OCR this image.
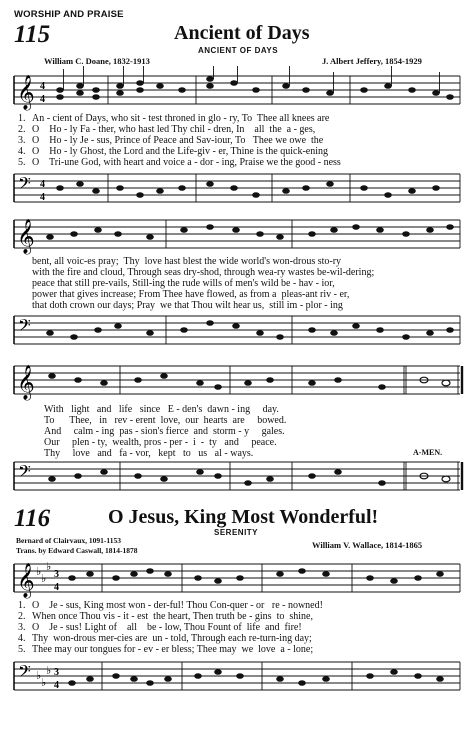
WORSHIP AND PRAISE
115	Ancient of Days
ANCIENT OF DAYS
William C. Doane, 1832-1913	J. Albert Jeffery, 1854-1929
𝄞 4
4
1. An - cient of Days, who sit - test throned in glo - ry, To  Thee all knees are
2. O    Ho - ly Fa - ther, who hast led Thy chil - dren, In    all  the  a - ges,
3. O    Ho - ly Je - sus, Prince of Peace and Sav-iour, To   Thee we owe  the
4. O    Ho - ly Ghost, the Lord and the Life-giv - er, Thine is the quick-ening
5. O    Tri-une God, with heart and voice a - dor - ing, Praise we the good - ness
𝄢 4
4
𝄞
bent, all voic-es pray;  Thy  love hast blest the wide world's won-drous sto-ry
with the fire and cloud, Through seas dry-shod, through wea-ry wastes be-wil-dering;
peace that still pre-vails, Still-ing the rude wills of men's wild be - hav - ior,
power that gives increase; From Thee have flowed, as from a  pleas-ant riv - er,
that doth crown our days; Pray  we that Thou wilt hear us,  still im - plor - ing
𝄢
𝄞
With   light   and   life   since   E - den's  dawn - ing     day.
To      Thee,   in   rev - erent  love,  our  hearts  are     bowed.
And     calm - ing  pas - sion's fierce  and  storm - y     gales.
Our     plen - ty,  wealth, pros - per -  i  -  ty   and     peace.
Thy     love   and   fa - vor,   kept   to   us   al - ways.	A-MEN.
𝄢
116	O Jesus, King Most Wonderful!
SERENITY
Bernard of Clairvaux, 1091-1153
Trans. by Edward Caswall, 1814-1878	William V. Wallace, 1814-1865
𝄞 ♭
♭
♭
3
4
1. O    Je - sus, King most won - der-ful! Thou Con-quer - or   re - nowned!
2. When once Thou vis - it - est  the heart, Then truth be - gins  to  shine,
3. O    Je - sus! Light of    all    be - low, Thou Fount of  life  and  fire!
4. Thy  won-drous mer-cies are  un - told, Through each re-turn-ing day;
5. Thee may our tongues for - ev - er bless; Thee may  we  love  a - lone;
𝄢 ♭
♭
♭ 3
4
